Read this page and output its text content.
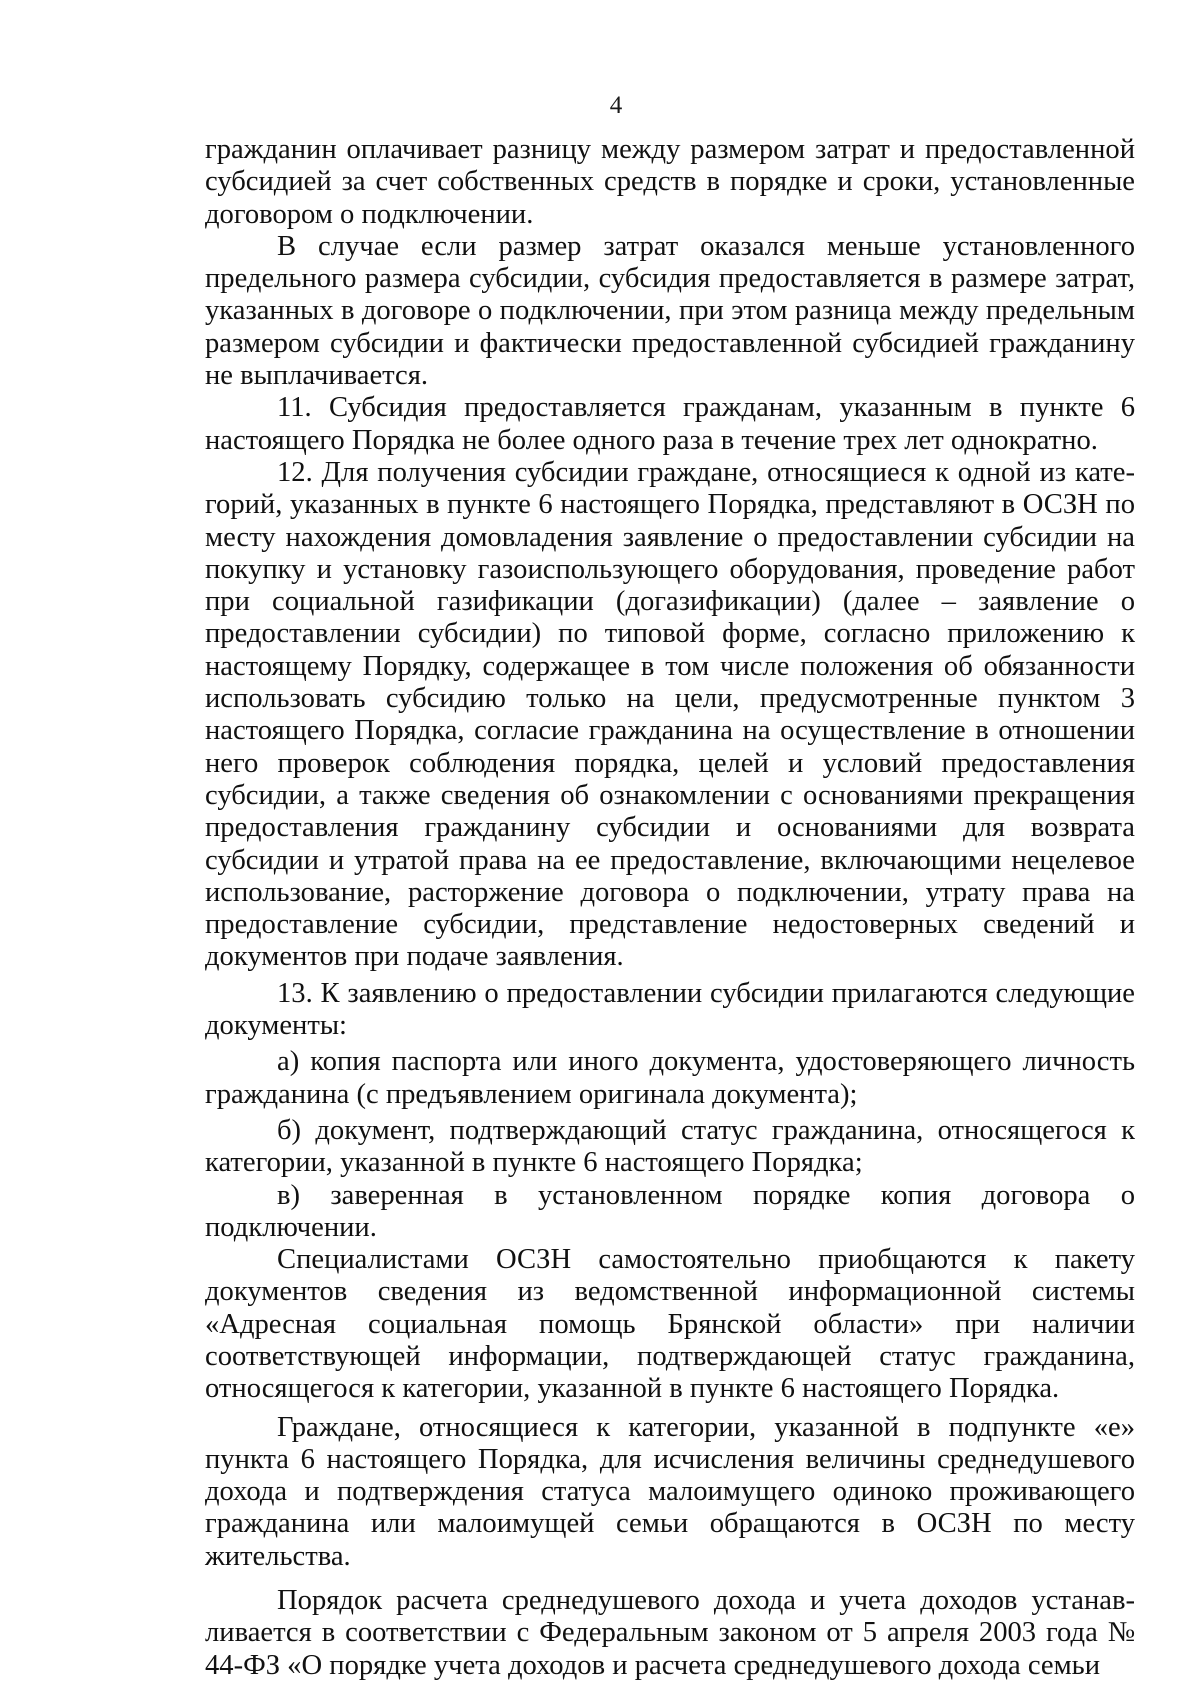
4

гражданин оплачивает разницу между размером затрат и предоставленной субсидией за счет собственных средств в порядке и сроки, установленные договором о подключении.

В случае если размер затрат оказался меньше установленного предельного размера субсидии, субсидия предоставляется в размере затрат, указанных в договоре о подключении, при этом разница между предельным размером субсидии и фактически предоставленной субсидией гражданину не выплачивается.

11. Субсидия предоставляется гражданам, указанным в пункте 6 настоящего Порядка не более одного раза в течение трех лет однократно.

12. Для получения субсидии граждане, относящиеся к одной из категорий, указанных в пункте 6 настоящего Порядка, представляют в ОСЗН по месту нахождения домовладения заявление о предоставлении субсидии на покупку и установку газоиспользующего оборудования, проведение работ при социальной газификации (догазификации) (далее – заявление о предоставлении субсидии) по типовой форме, согласно приложению к настоящему Порядку, содержащее в том числе положения об обязанности использовать субсидию только на цели, предусмотренные пунктом 3 настоящего Порядка, согласие гражданина на осуществление в отношении него проверок соблюдения порядка, целей и условий предоставления субсидии, а также сведения об ознакомлении с основаниями прекращения предоставления гражданину субсидии и основаниями для возврата субсидии и утратой права на ее предоставление, включающими нецелевое использование, расторжение договора о подключении, утрату права на предоставление субсидии, представление недостоверных сведений и документов при подаче заявления.

13. К заявлению о предоставлении субсидии прилагаются следующие документы:

а) копия паспорта или иного документа, удостоверяющего личность гражданина (с предъявлением оригинала документа);

б) документ, подтверждающий статус гражданина, относящегося к категории, указанной в пункте 6 настоящего Порядка;

в) заверенная в установленном порядке копия договора о подключении.

Специалистами ОСЗН самостоятельно приобщаются к пакету документов сведения из ведомственной информационной системы «Адресная социальная помощь Брянской области» при наличии соответствующей информации, подтверждающей статус гражданина, относящегося к категории, указанной в пункте 6 настоящего Порядка.

Граждане, относящиеся к категории, указанной в подпункте «е» пункта 6 настоящего Порядка, для исчисления величины среднедушевого дохода и подтверждения статуса малоимущего одиноко проживающего гражданина или малоимущей семьи обращаются в ОСЗН по месту жительства.

Порядок расчета среднедушевого дохода и учета доходов устанавливается в соответствии с Федеральным законом от 5 апреля 2003 года № 44-ФЗ «О порядке учета доходов и расчета среднедушевого дохода семьи
